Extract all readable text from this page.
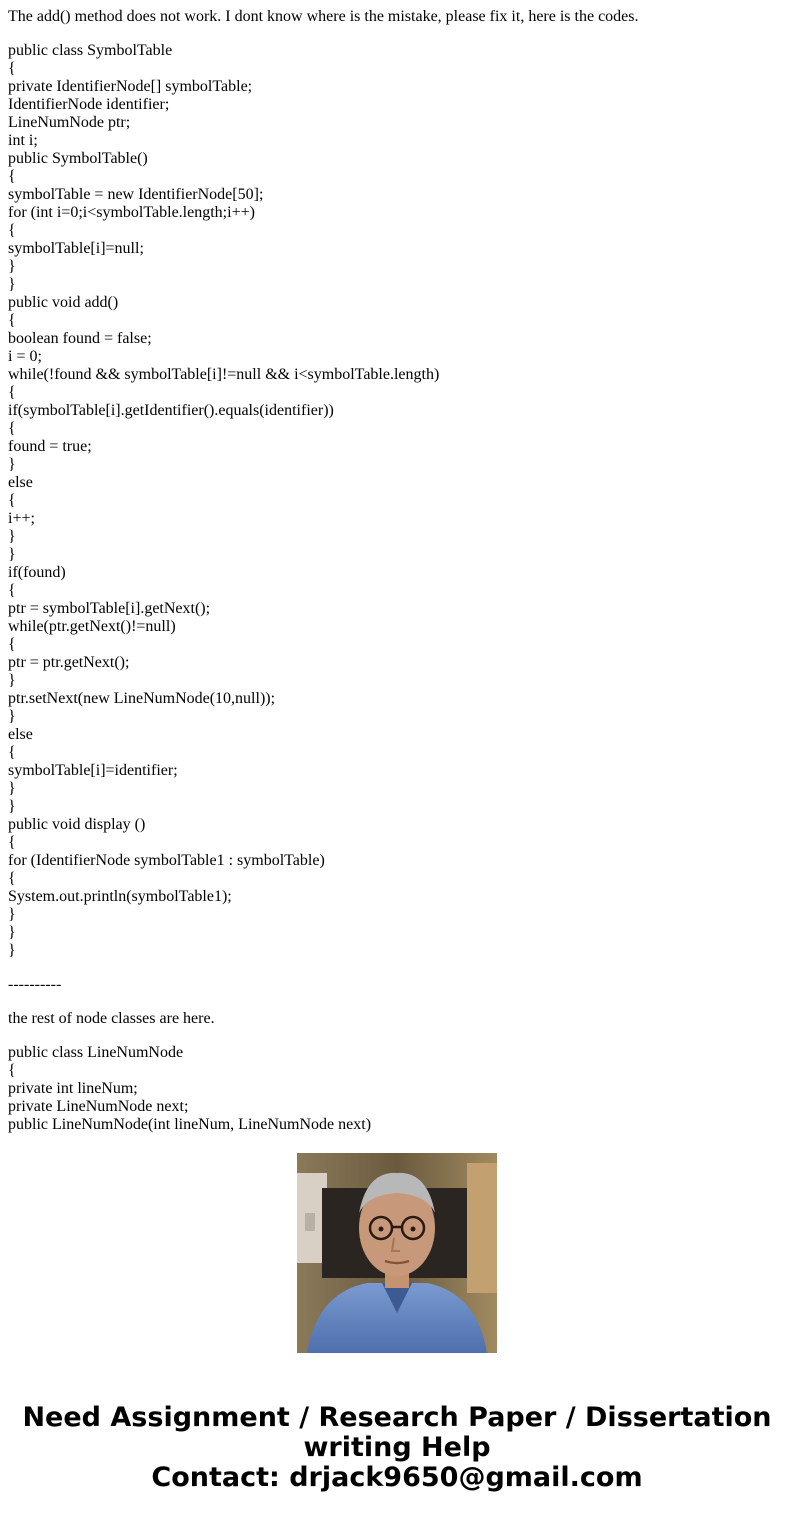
The add() method does not work. I dont know where is the mistake, please fix it, here is the codes.

public class SymbolTable
{
private IdentifierNode[] symbolTable;
IdentifierNode identifier;
LineNumNode ptr;
int i;
public SymbolTable()
{
symbolTable = new IdentifierNode[50];
for (int i=0;i<symbolTable.length;i++)
{
symbolTable[i]=null;
}
}
public void add()
{
boolean found = false;
i = 0;
while(!found && symbolTable[i]!=null && i<symbolTable.length)
{
if(symbolTable[i].getIdentifier().equals(identifier))
{
found = true;
}
else
{
i++;
}
}
if(found)
{
ptr = symbolTable[i].getNext();
while(ptr.getNext()!=null)
{
ptr = ptr.getNext();
}
ptr.setNext(new LineNumNode(10,null));
}
else
{
symbolTable[i]=identifier;
}
}
public void display ()
{
for (IdentifierNode symbolTable1 : symbolTable)
{
System.out.println(symbolTable1);
}
}
}

----------

the rest of node classes are here.

public class LineNumNode
{
private int lineNum;
private LineNumNode next;
public LineNumNode(int lineNum, LineNumNode next)

Need Assignment / Research Paper / Dissertation
writing Help
Contact: drjack9650@gmail.com
